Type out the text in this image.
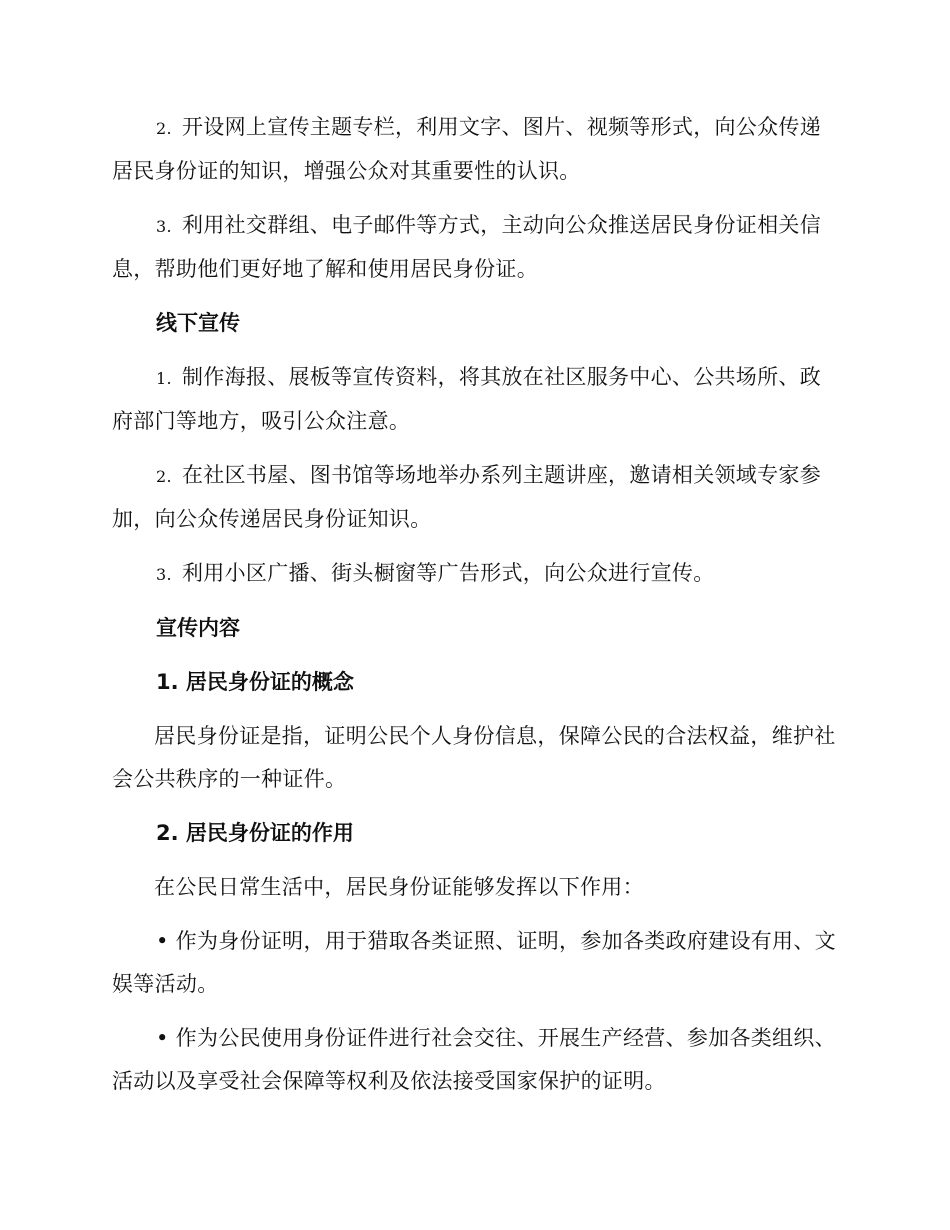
2. 开设网上宣传主题专栏，利用文字、图片、视频等形式，向公众传递居民身份证的知识，增强公众对其重要性的认识。

3. 利用社交群组、电子邮件等方式，主动向公众推送居民身份证相关信息，帮助他们更好地了解和使用居民身份证。

线下宣传

1. 制作海报、展板等宣传资料，将其放在社区服务中心、公共场所、政府部门等地方，吸引公众注意。

2. 在社区书屋、图书馆等场地举办系列主题讲座，邀请相关领域专家参加，向公众传递居民身份证知识。

3. 利用小区广播、街头橱窗等广告形式，向公众进行宣传。

宣传内容

1. 居民身份证的概念

居民身份证是指，证明公民个人身份信息，保障公民的合法权益，维护社会公共秩序的一种证件。

2. 居民身份证的作用

在公民日常生活中，居民身份证能够发挥以下作用：

• 作为身份证明，用于猎取各类证照、证明，参加各类政府建设有用、文娱等活动。

• 作为公民使用身份证件进行社会交往、开展生产经营、参加各类组织、活动以及享受社会保障等权利及依法接受国家保护的证明。
